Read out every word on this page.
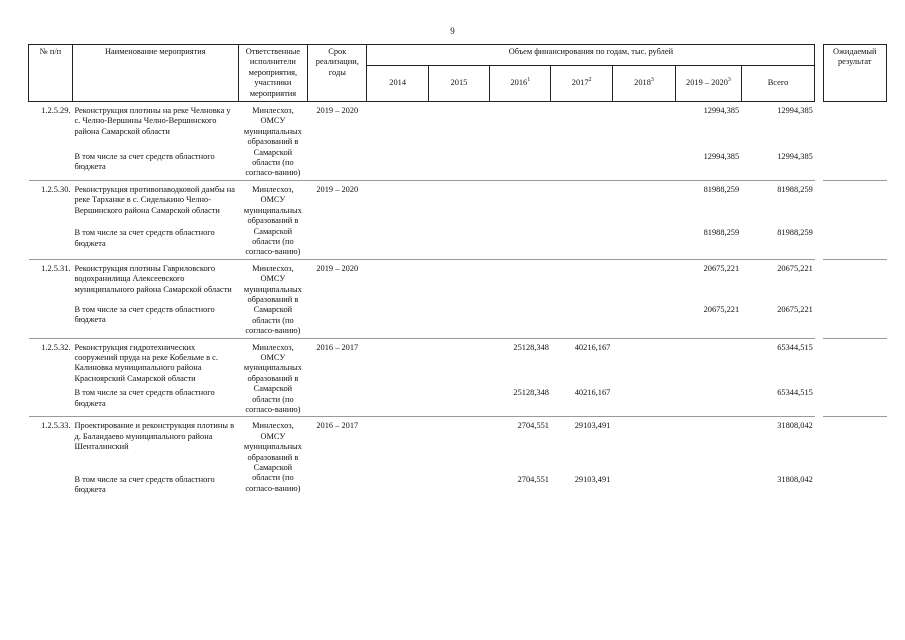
9
№ п/п	Наименование мероприятия	Ответственные исполнители мероприятия, участники мероприятия	Срок реализации, годы	Объем финансирования по годам, тыс. рублей								Ожидаемый результат
				2014	2015	2016$^1$	2017$^2$	2018$^3$	2019 – 2020$^3$	Всего		
1.2.5.29.	Реконструкция плотины на реке Челновка у с. Челно-Вершины Челно-Вершинского района Самарской области	Минлесхоз, ОМСУ муниципальных образований в Самарской области (по согласо-ванию)	2019 – 2020						12994,385	12994,385		
	В том числе за счет средств областного бюджета								12994,385	12994,385		

1.2.5.30.	Реконструкция противопаводковой дамбы на реке Тарханке в с. Сиделькино Челно-Вершинского района Самарской области	Минлесхоз, ОМСУ муниципальных образований в Самарской области (по согласо-ванию)	2019 – 2020						81988,259	81988,259		
	В том числе за счет средств областного бюджета								81988,259	81988,259		

1.2.5.31.	Реконструкция плотины Гавриловского водохранилища Алексеевского муниципального района Самарской области	Минлесхоз, ОМСУ муниципальных образований в Самарской области (по согласо-ванию)	2019 – 2020						20675,221	20675,221		
	В том числе за счет средств областного бюджета								20675,221	20675,221		

1.2.5.32.	Реконструкция гидротехнических сооружений пруда на реке Кобельме в с. Калиновка муниципального района Красноярский Самарской области	Минлесхоз, ОМСУ муниципальных образований в Самарской области (по согласо-ванию)	2016 – 2017			25128,348	40216,167			65344,515		
	В том числе за счет средств областного бюджета					25128,348	40216,167			65344,515		

1.2.5.33.	Проектирование и реконструкция плотины в д. Баландаево муниципального района Шенталинский	Минлесхоз, ОМСУ муниципальных образований в Самарской области (по согласо-ванию)	2016 – 2017			2704,551	29103,491			31808,042		
	В том числе за счет средств областного бюджета					2704,551	29103,491			31808,042		
